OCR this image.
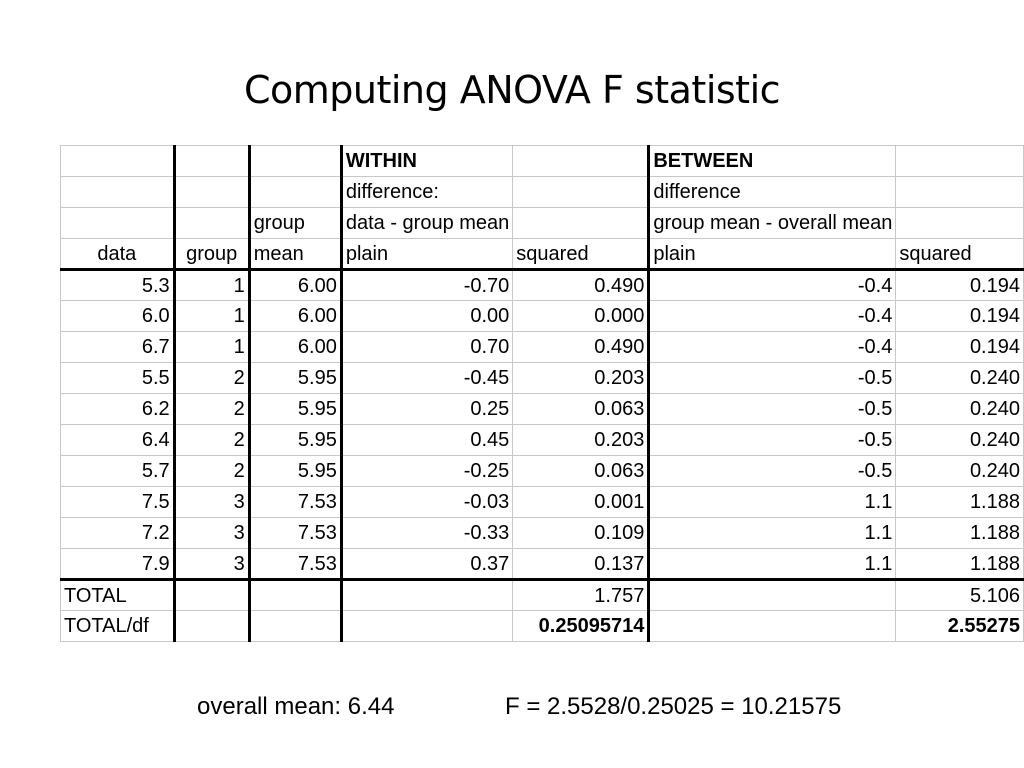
Computing ANOVA F statistic
			WITHIN		BETWEEN	
			difference:		difference	
		group	data - group mean		group mean - overall mean	
data	group	mean	plain	squared	plain	squared
5.3	1	6.00	-0.70	0.490	-0.4	0.194
6.0	1	6.00	0.00	0.000	-0.4	0.194
6.7	1	6.00	0.70	0.490	-0.4	0.194
5.5	2	5.95	-0.45	0.203	-0.5	0.240
6.2	2	5.95	0.25	0.063	-0.5	0.240
6.4	2	5.95	0.45	0.203	-0.5	0.240
5.7	2	5.95	-0.25	0.063	-0.5	0.240
7.5	3	7.53	-0.03	0.001	1.1	1.188
7.2	3	7.53	-0.33	0.109	1.1	1.188
7.9	3	7.53	0.37	0.137	1.1	1.188
TOTAL				1.757		5.106
TOTAL/df				0.25095714		2.55275
overall mean: 6.44	F = 2.5528/0.25025 = 10.21575
